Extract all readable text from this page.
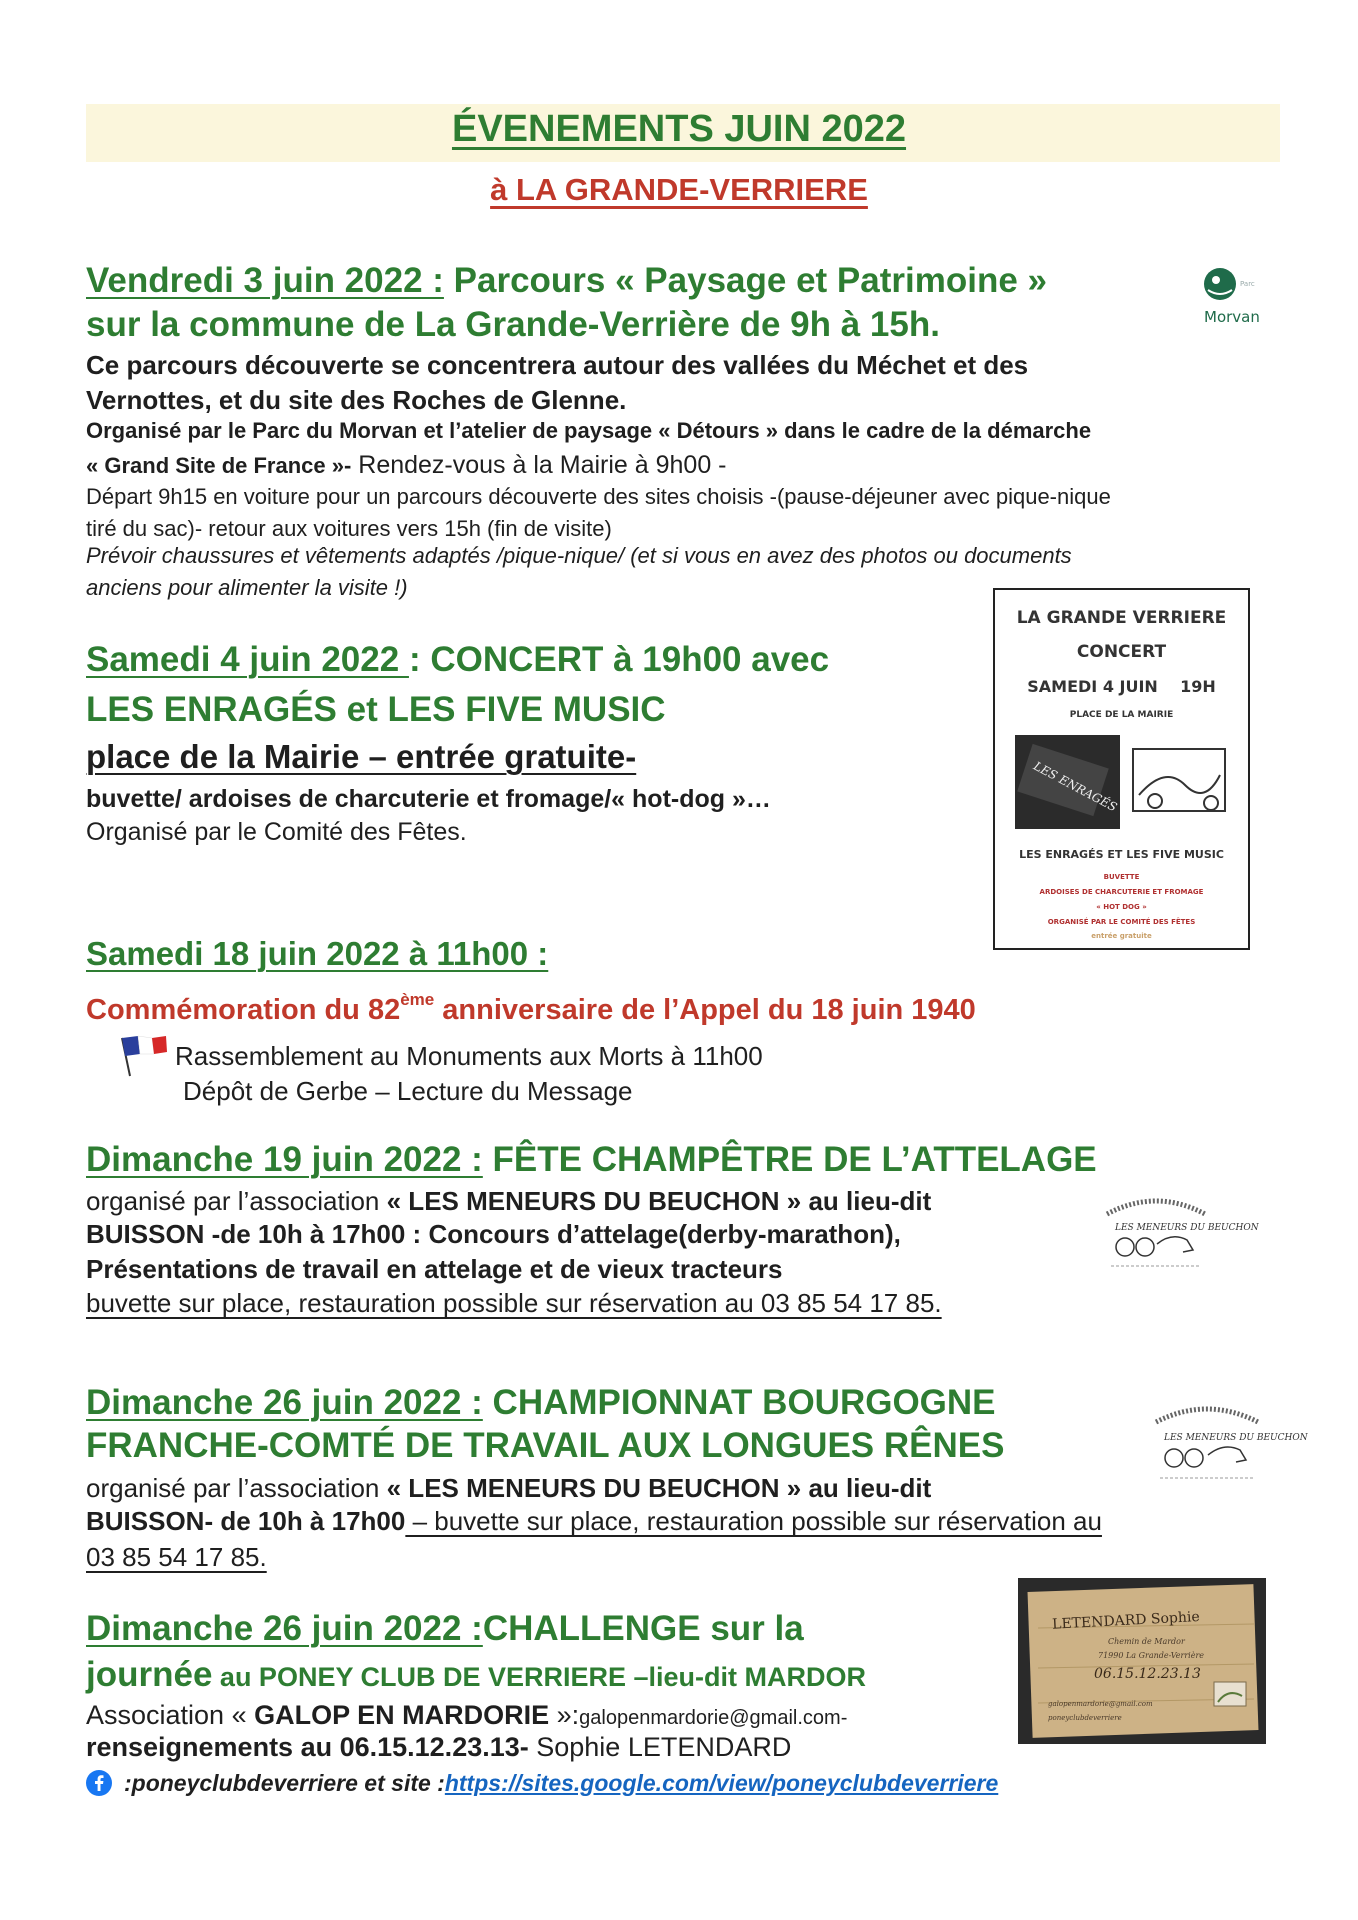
ÉVENEMENTS JUIN 2022
à LA GRANDE-VERRIERE
Vendredi 3 juin 2022 : Parcours « Paysage et Patrimoine »
sur la commune de La Grande-Verrière de 9h à 15h.
Ce parcours découverte se concentrera autour des vallées du Méchet et des
Vernottes, et du site des Roches de Glenne.
Organisé par le Parc du Morvan et l’atelier de paysage « Détours » dans le cadre de la démarche
« Grand Site de France »- Rendez-vous à la Mairie à 9h00 -
Départ 9h15 en voiture pour un parcours découverte des sites choisis -(pause-déjeuner avec pique-nique
tiré du sac)- retour aux voitures vers 15h (fin de visite)
Prévoir chaussures et vêtements adaptés /pique-nique/ (et si vous en avez des photos ou documents
anciens pour alimenter la visite !)
Parc
Morvan
Samedi 4 juin 2022 : CONCERT à 19h00 avec
LES ENRAGÉS et LES FIVE MUSIC
place de la Mairie – entrée gratuite-
buvette/ ardoises de charcuterie et fromage/« hot-dog »…
Organisé par le Comité des Fêtes.
LA GRANDE VERRIERE
CONCERT
SAMEDI 4 JUIN 19H
PLACE DE LA MAIRIE
LES ENRAGÉS
LES ENRAGÉS ET LES FIVE MUSIC
BUVETTE
ARDOISES DE CHARCUTERIE ET FROMAGE
« HOT DOG »
ORGANISÉ PAR LE COMITÉ DES FÊTES
entrée gratuite
Samedi 18 juin 2022 à 11h00 :
Commémoration du 82ème anniversaire de l’Appel du 18 juin 1940
Rassemblement au Monuments aux Morts à 11h00
Dépôt de Gerbe – Lecture du Message
Dimanche 19 juin 2022 : FÊTE CHAMPÊTRE DE L’ATTELAGE
organisé par l’association « LES MENEURS DU BEUCHON » au lieu-dit
BUISSON -de 10h à 17h00 : Concours d’attelage(derby-marathon),
Présentations de travail en attelage et de vieux tracteurs
buvette sur place, restauration possible sur réservation au 03 85 54 17 85.
LES MENEURS DU BEUCHON
Dimanche 26 juin 2022 : CHAMPIONNAT BOURGOGNE
FRANCHE-COMTÉ DE TRAVAIL AUX LONGUES RÊNES
organisé par l’association « LES MENEURS DU BEUCHON » au lieu-dit
BUISSON- de 10h à 17h00 – buvette sur place, restauration possible sur réservation au
03 85 54 17 85.
LES MENEURS DU BEUCHON
Dimanche 26 juin 2022 :CHALLENGE sur la
journée au PONEY CLUB DE VERRIERE –lieu-dit MARDOR
Association « GALOP EN MARDORIE »:galopenmardorie@gmail.com-
renseignements au 06.15.12.23.13- Sophie LETENDARD
:poneyclubdeverriere et site :https://sites.google.com/view/poneyclubdeverriere
LETENDARD Sophie
Chemin de Mardor
71990 La Grande-Verrière
06.15.12.23.13
galopenmardorie@gmail.com
poneyclubdeverriere
